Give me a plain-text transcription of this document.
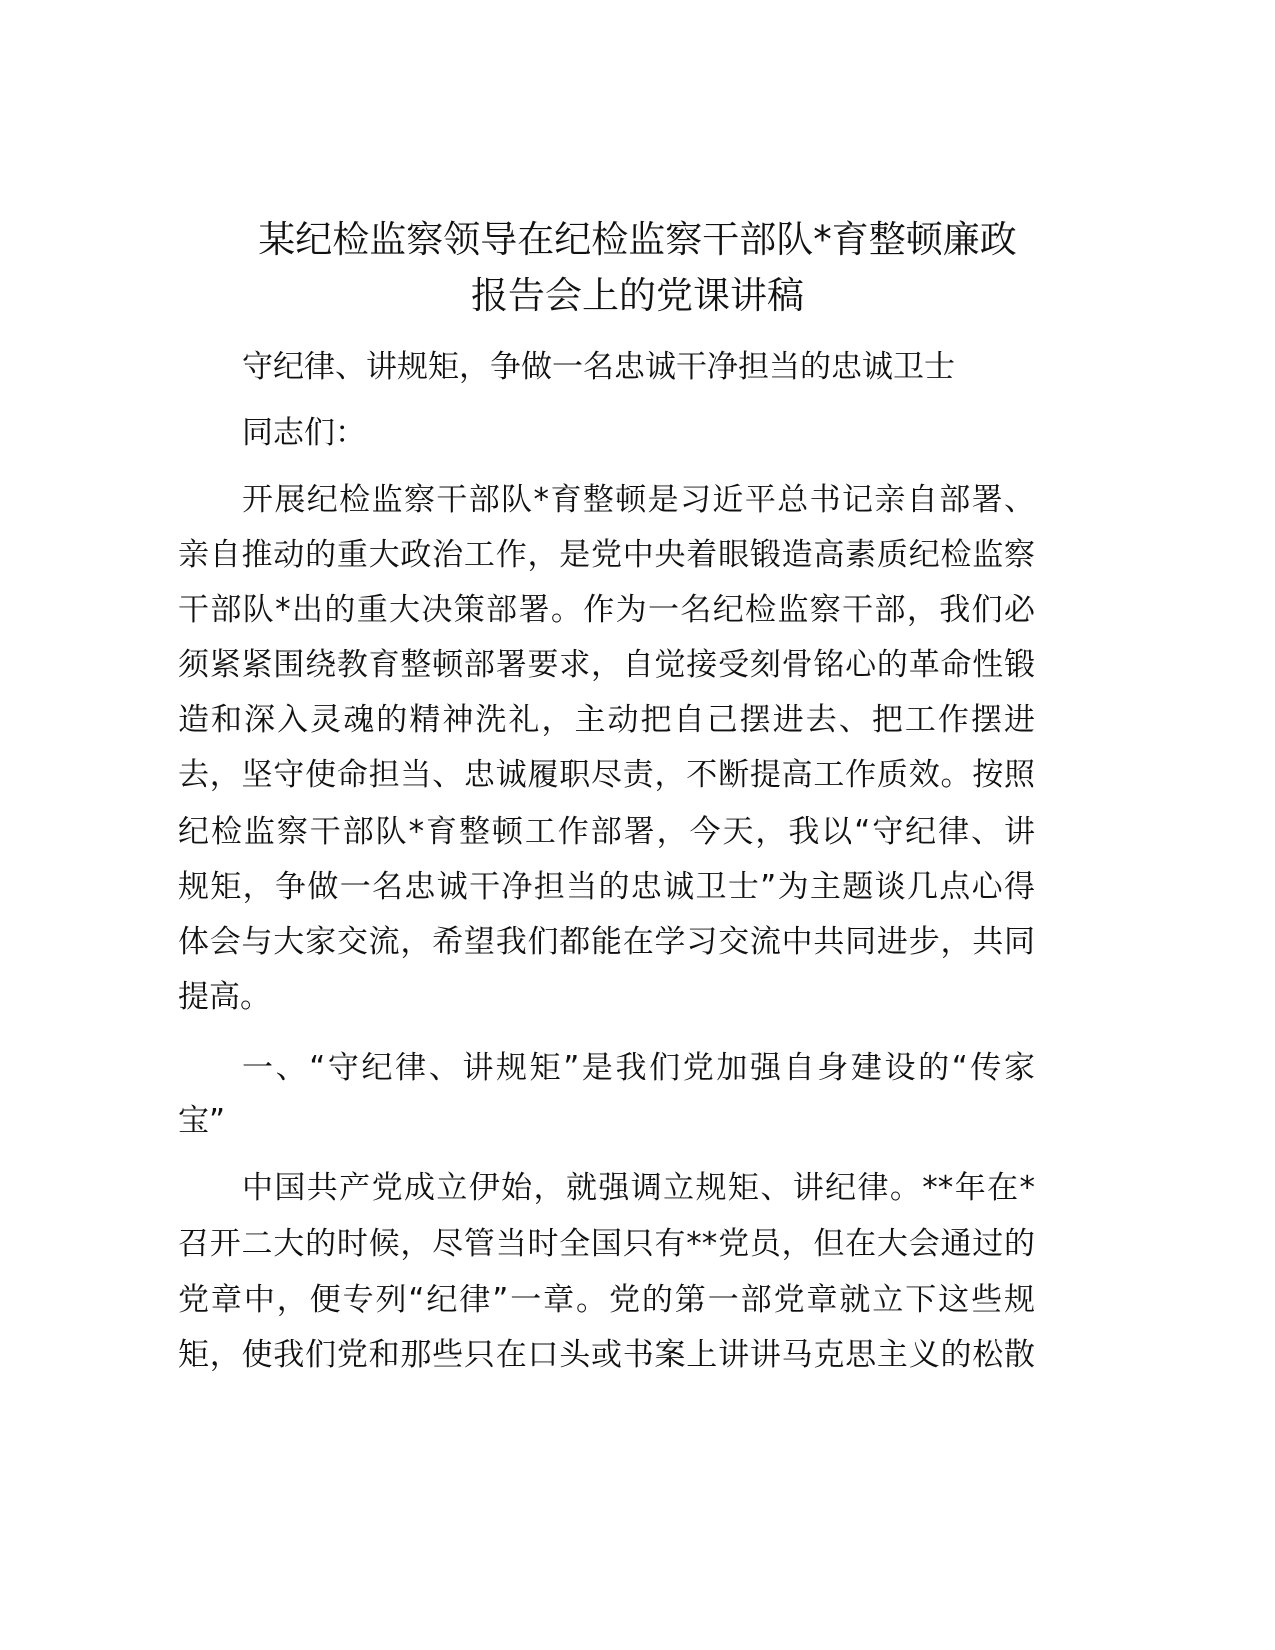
某纪检监察领导在纪检监察干部队*育整顿廉政
报告会上的党课讲稿
守纪律、讲规矩，争做一名忠诚干净担当的忠诚卫士
同志们：
开展纪检监察干部队*育整顿是习近平总书记亲自部署、
亲自推动的重大政治工作，是党中央着眼锻造高素质纪检监察
干部队*出的重大决策部署。作为一名纪检监察干部，我们必
须紧紧围绕教育整顿部署要求，自觉接受刻骨铭心的革命性锻
造和深入灵魂的精神洗礼，主动把自己摆进去、把工作摆进
去，坚守使命担当、忠诚履职尽责，不断提高工作质效。按照
纪检监察干部队*育整顿工作部署，今天，我以“守纪律、讲
规矩，争做一名忠诚干净担当的忠诚卫士”为主题谈几点心得
体会与大家交流，希望我们都能在学习交流中共同进步，共同
提高。
一、“守纪律、讲规矩”是我们党加强自身建设的“传家
宝”
中国共产党成立伊始，就强调立规矩、讲纪律。**年在*
召开二大的时候，尽管当时全国只有**党员，但在大会通过的
党章中，便专列“纪律”一章。党的第一部党章就立下这些规
矩，使我们党和那些只在口头或书案上讲讲马克思主义的松散
